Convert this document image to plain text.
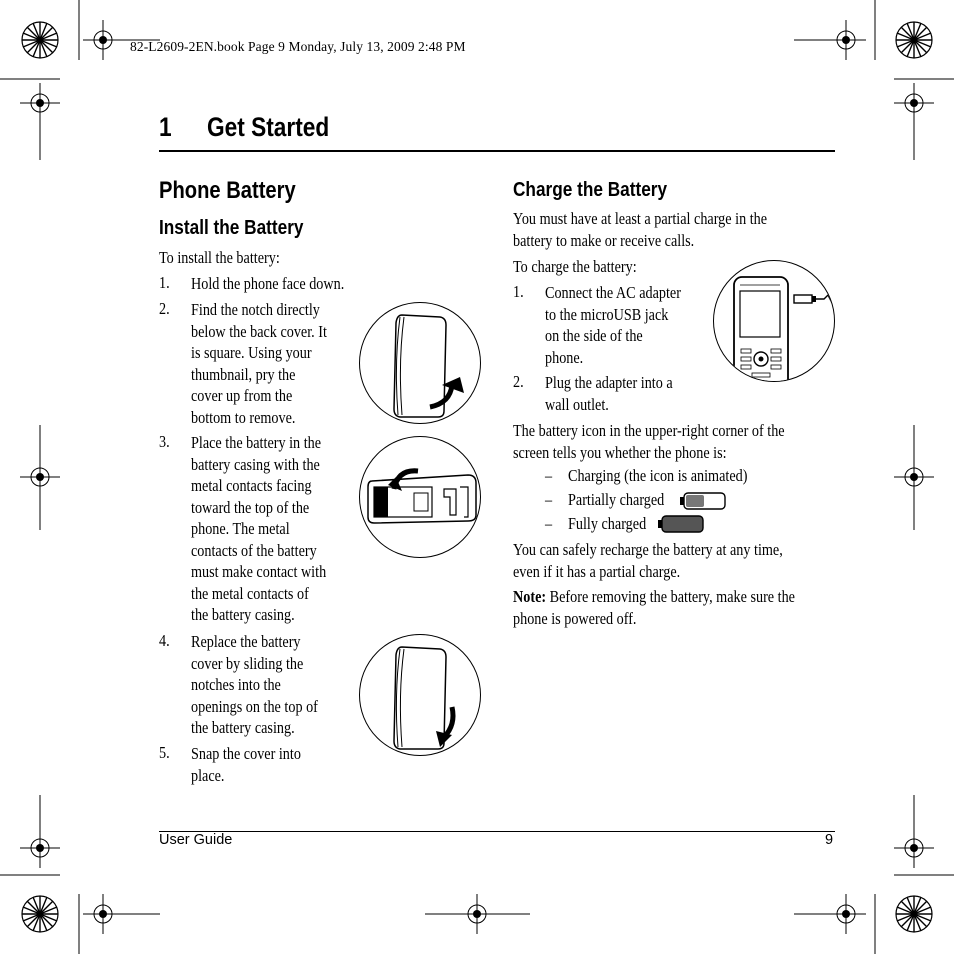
82-L2609-2EN.book Page 9 Monday, July 13, 2009 2:48 PM
1 Get Started
Phone Battery
Install the Battery
To install the battery:
1. Hold the phone face down.
2. Find the notch directly
below the back cover. It
is square. Using your
thumbnail, pry the
cover up from the
bottom to remove.
3. Place the battery in the
battery casing with the
metal contacts facing
toward the top of the
phone. The metal
contacts of the battery
must make contact with
the metal contacts of
the battery casing.
4. Replace the battery
cover by sliding the
notches into the
openings on the top of
the battery casing.
5. Snap the cover into
place.
Charge the Battery
You must have at least a partial charge in the
battery to make or receive calls.
To charge the battery:
1. Connect the AC adapter
to the microUSB jack
on the side of the
phone.
2. Plug the adapter into a
wall outlet.
The battery icon in the upper-right corner of the
screen tells you whether the phone is:
– Charging (the icon is animated)
– Partially charged
– Fully charged
You can safely recharge the battery at any time,
even if it has a partial charge.
Note: Before removing the battery, make sure the
phone is powered off.
User Guide	9
